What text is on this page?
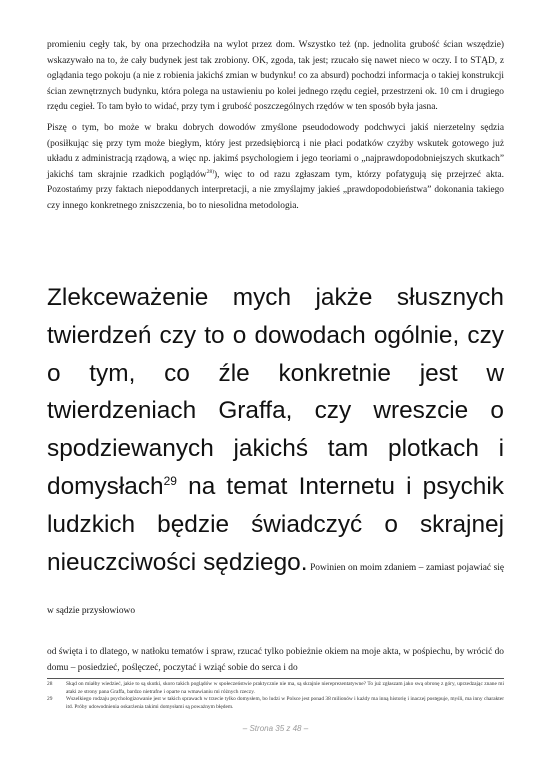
promieniu cegły tak, by ona przechodziła na wylot przez dom. Wszystko też (np. jednolita grubość ścian wszędzie) wskazywało na to, że cały budynek jest tak zrobiony. OK, zgoda, tak jest; rzucało się nawet nieco w oczy. I to STĄD, z oglądania tego pokoju (a nie z robienia jakichś zmian w budynku! co za absurd) pochodzi informacja o takiej konstrukcji ścian zewnętrznych budynku, która polega na ustawieniu po kolei jednego rzędu cegieł, przestrzeni ok. 10 cm i drugiego rzędu cegieł. To tam było to widać, przy tym i grubość poszczególnych rzędów w ten sposób była jasna.

Piszę o tym, bo może w braku dobrych dowodów zmyślone pseudodowody podchwyci jakiś nierzetelny sędzia (posiłkując się przy tym może biegłym, który jest przedsiębiorcą i nie płaci podatków czyżby wskutek gotowego już układu z administracją rządową, a więc np. jakimś psychologiem i jego teoriami o „najprawdopodobniejszych skutkach” jakichś tam skrajnie rzadkich poglądów$^{28)}$), więc to od razu zgłaszam tym, którzy pofatygują się przejrzeć akta. Pozostańmy przy faktach niepoddanych interpretacji, a nie zmyślajmy jakieś „prawdopodobieństwa” dokonania takiego czy innego konkretnego zniszczenia, bo to niesolidna metodologia.

Zlekceważenie mych jakże słusznych twierdzeń czy to o dowodach ogólnie, czy o tym, co źle konkretnie jest w twierdzeniach Graffa, czy wreszcie o spodziewanych jakichś tam plotkach i domysłach$^{29}$ na temat Internetu i psychik ludzkich będzie świadczyć o skrajnej nieuczciwości sędziego. Powinien on moim zdaniem – zamiast pojawiać się w sądzie przysłowiowo

od święta i to dlatego, w natłoku tematów i spraw, rzucać tylko pobieżnie okiem na moje akta, w pośpiechu, by wrócić do domu – posiedzieć, poślęczeć, poczytać i wziąć sobie do serca i do

28	Skąd on miałby wiedzieć, jakie to są skutki, skoro takich poglądów w społeczeństwie praktycznie nie ma, są skrajnie niereprezentatywne? To już zgłaszam jako swą obronę z góry, uprzedzając znane mi ataki ze strony pana Graffa, bardzo nietrafne i oparte na wmawianiu mi różnych rzeczy.
29	Wszelkiego rodzaju psychologizowanie jest w takich sprawach w trzecie tylko domysłem, bo ludzi w Polsce jest ponad 38 milionów i każdy ma inną historię i inaczej postępuje, myśli, ma inny charakter itd. Próby udowodnienia oskarżenia takimi domysłami są poważnym błędem.
– Strona 35 z 48 –
